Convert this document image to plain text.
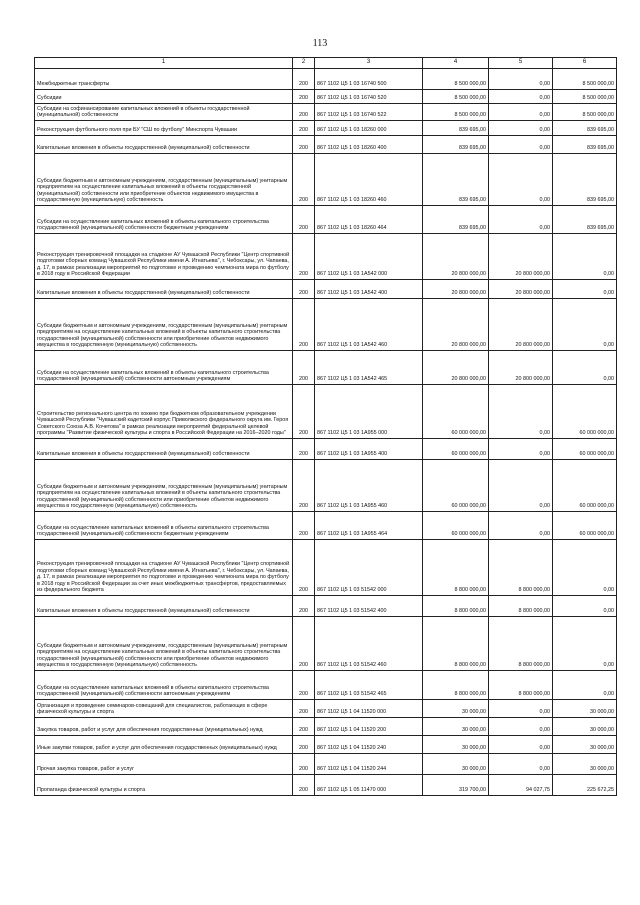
113
1	2	3	4	5	6
Межбюджетные трансферты	200	867 1102 Ц5 1 03 16740 500	8 500 000,00	0,00	8 500 000,00
Субсидии	200	867 1102 Ц5 1 03 16740 520	8 500 000,00	0,00	8 500 000,00
Субсидии на софинансирование капитальных вложений в объекты государственной (муниципальной) собственности	200	867 1102 Ц5 1 03 16740 522	8 500 000,00	0,00	8 500 000,00
Реконструкция футбольного поля при БУ "СШ по футболу" Минспорта Чувашии	200	867 1102 Ц5 1 03 18260 000	839 695,00	0,00	839 695,00
Капитальные вложения в объекты государственной (муниципальной) собственности	200	867 1102 Ц5 1 03 18260 400	839 695,00	0,00	839 695,00
Субсидии бюджетным и автономным учреждениям, государственным (муниципальным) унитарным предприятиям на осуществление капитальных вложений в объекты государственной (муниципальной) собственности или приобретение объектов недвижимого имущества в государственную (муниципальную) собственность	200	867 1102 Ц5 1 03 18260 460	839 695,00	0,00	839 695,00
Субсидии на осуществление капитальных вложений в объекты капитального строительства государственной (муниципальной) собственности бюджетным учреждениям	200	867 1102 Ц5 1 03 18260 464	839 695,00	0,00	839 695,00
Реконструкция тренировочной площадки на стадионе АУ Чувашской Республики "Центр спортивной подготовки сборных команд Чувашской Республики имени А. Игнатьева", г. Чебоксары, ул. Чапаева, д. 17, в рамках реализации мероприятий по подготовке и проведению чемпионата мира по футболу в 2018 году в Российской Федерации	200	867 1102 Ц5 1 03 1А542 000	20 800 000,00	20 800 000,00	0,00
Капитальные вложения в объекты государственной (муниципальной) собственности	200	867 1102 Ц5 1 03 1А542 400	20 800 000,00	20 800 000,00	0,00
Субсидии бюджетным и автономным учреждениям, государственным (муниципальным) унитарным предприятиям на осуществление капитальных вложений в объекты капитального строительства государственной (муниципальной) собственности или приобретение объектов недвижимого имущества в государственную (муниципальную) собственность	200	867 1102 Ц5 1 03 1А542 460	20 800 000,00	20 800 000,00	0,00
Субсидии на осуществление капитальных вложений в объекты капитального строительства государственной (муниципальной) собственности автономным учреждениям	200	867 1102 Ц5 1 03 1А542 465	20 800 000,00	20 800 000,00	0,00
Строительство регионального центра по хоккею при бюджетном образовательном учреждении Чувашской Республики "Чувашский кадетский корпус Приволжского федерального округа им. Героя Советского Союза А.В. Кочетова" в рамках реализации мероприятий федеральной целевой программы "Развитие физической культуры и спорта в Российской Федерации на 2016–2020 годы"	200	867 1102 Ц5 1 03 1А955 000	60 000 000,00	0,00	60 000 000,00
Капитальные вложения в объекты государственной (муниципальной) собственности	200	867 1102 Ц5 1 03 1А955 400	60 000 000,00	0,00	60 000 000,00
Субсидии бюджетным и автономным учреждениям, государственным (муниципальным) унитарным предприятиям на осуществление капитальных вложений в объекты капитального строительства государственной (муниципальной) собственности или приобретение объектов недвижимого имущества в государственную (муниципальную) собственность	200	867 1102 Ц5 1 03 1А955 460	60 000 000,00	0,00	60 000 000,00
Субсидии на осуществление капитальных вложений в объекты капитального строительства государственной (муниципальной) собственности бюджетным учреждениям	200	867 1102 Ц5 1 03 1А955 464	60 000 000,00	0,00	60 000 000,00
Реконструкция тренировочной площадки на стадионе АУ Чувашской Республики "Центр спортивной подготовки сборных команд Чувашской Республики имени А. Игнатьева", г. Чебоксары, ул. Чапаева, д. 17, в рамках реализации мероприятия по подготовке и проведению чемпионата мира по футболу в 2018 году в Российской Федерации за счет иных межбюджетных трансфертов, предоставляемых из федерального бюджета	200	867 1102 Ц5 1 03 51542 000	8 800 000,00	8 800 000,00	0,00
Капитальные вложения в объекты государственной (муниципальной) собственности	200	867 1102 Ц5 1 03 51542 400	8 800 000,00	8 800 000,00	0,00
Субсидии бюджетным и автономным учреждениям, государственным (муниципальным) унитарным предприятиям на осуществление капитальных вложений в объекты капитального строительства государственной (муниципальной) собственности или приобретение объектов недвижимого имущества в государственную (муниципальную) собственность	200	867 1102 Ц5 1 03 51542 460	8 800 000,00	8 800 000,00	0,00
Субсидии на осуществление капитальных вложений в объекты капитального строительства государственной (муниципальной) собственности автономным учреждениям	200	867 1102 Ц5 1 03 51542 465	8 800 000,00	8 800 000,00	0,00
Организация и проведение семинаров-совещаний для специалистов, работающих в сфере физической культуры и спорта	200	867 1102 Ц5 1 04 11520 000	30 000,00	0,00	30 000,00
Закупка товаров, работ и услуг для обеспечения государственных (муниципальных) нужд	200	867 1102 Ц5 1 04 11520 200	30 000,00	0,00	30 000,00
Иные закупки товаров, работ и услуг для обеспечения государственных (муниципальных) нужд	200	867 1102 Ц5 1 04 11520 240	30 000,00	0,00	30 000,00
Прочая закупка товаров, работ и услуг	200	867 1102 Ц5 1 04 11520 244	30 000,00	0,00	30 000,00
Пропаганда физической культуры и спорта	200	867 1102 Ц5 1 05 11470 000	319 700,00	94 027,75	225 672,25
